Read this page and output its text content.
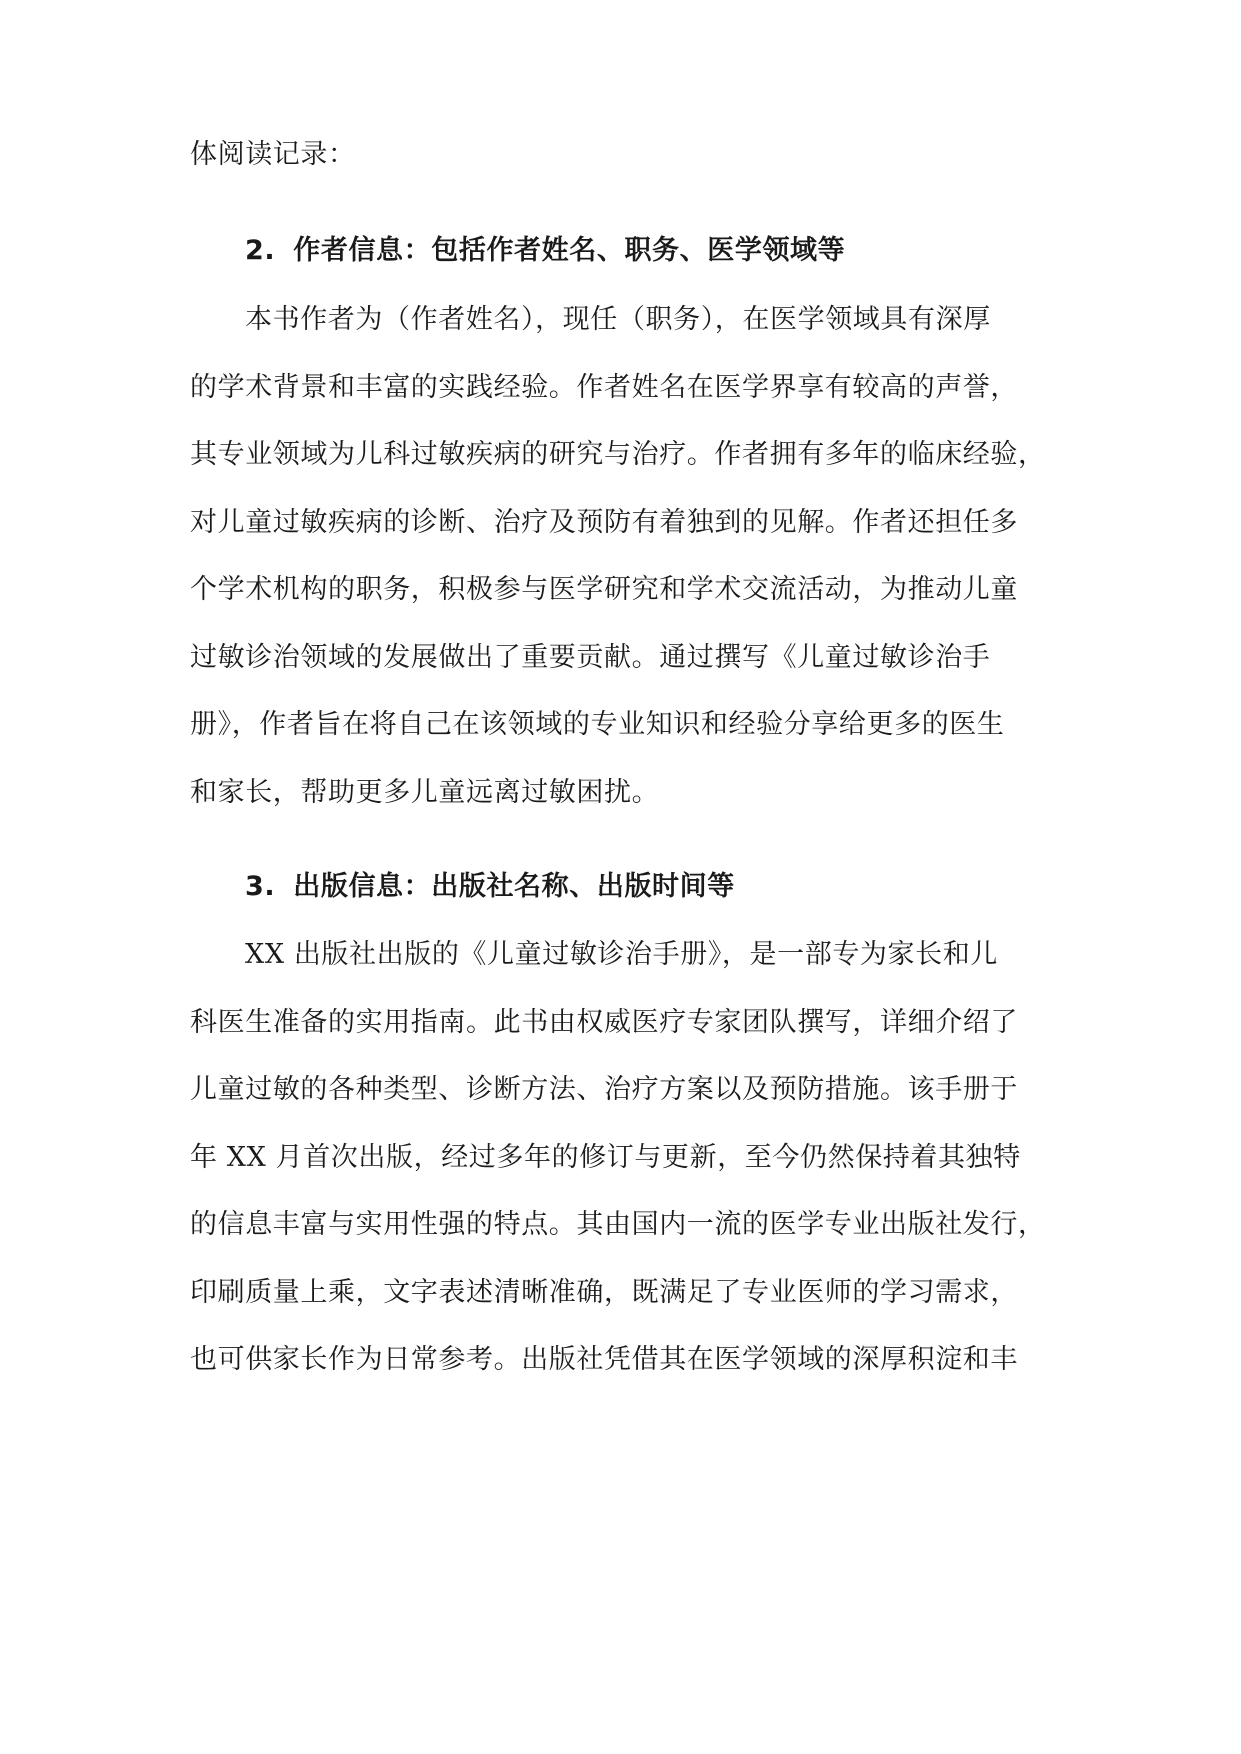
体阅读记录：
2. 作者信息：包括作者姓名、职务、医学领域等
本书作者为（作者姓名），现任（职务），在医学领域具有深厚
的学术背景和丰富的实践经验。作者姓名在医学界享有较高的声誉，
其专业领域为儿科过敏疾病的研究与治疗。作者拥有多年的临床经验，
对儿童过敏疾病的诊断、治疗及预防有着独到的见解。作者还担任多
个学术机构的职务，积极参与医学研究和学术交流活动，为推动儿童
过敏诊治领域的发展做出了重要贡献。通过撰写《儿童过敏诊治手
册》，作者旨在将自己在该领域的专业知识和经验分享给更多的医生
和家长，帮助更多儿童远离过敏困扰。
3. 出版信息：出版社名称、出版时间等
XX 出版社出版的《儿童过敏诊治手册》，是一部专为家长和儿
科医生准备的实用指南。此书由权威医疗专家团队撰写，详细介绍了
儿童过敏的各种类型、诊断方法、治疗方案以及预防措施。该手册于
年 XX 月首次出版，经过多年的修订与更新，至今仍然保持着其独特
的信息丰富与实用性强的特点。其由国内一流的医学专业出版社发行，
印刷质量上乘，文字表述清晰准确，既满足了专业医师的学习需求，
也可供家长作为日常参考。出版社凭借其在医学领域的深厚积淀和丰
